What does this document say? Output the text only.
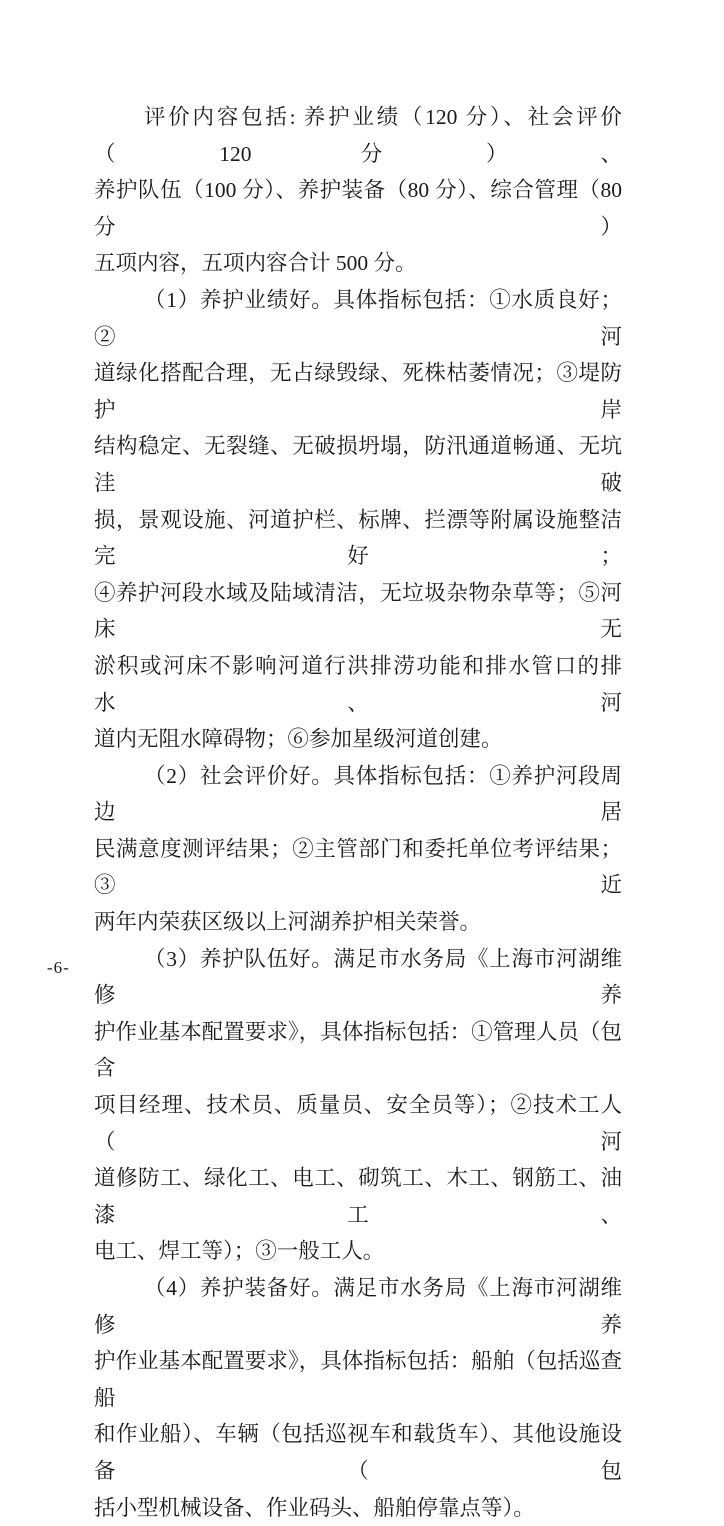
评价内容包括: 养护业绩（120 分）、社会评价（120 分）、
养护队伍（100 分）、养护装备（80 分）、综合管理（80 分）
五项内容，五项内容合计 500 分。
（1）养护业绩好。具体指标包括：①水质良好；②河
道绿化搭配合理，无占绿毁绿、死株枯萎情况；③堤防护岸
结构稳定、无裂缝、无破损坍塌，防汛通道畅通、无坑洼破
损，景观设施、河道护栏、标牌、拦漂等附属设施整洁完好；
④养护河段水域及陆域清洁，无垃圾杂物杂草等；⑤河床无
淤积或河床不影响河道行洪排涝功能和排水管口的排水、河
道内无阻水障碍物；⑥参加星级河道创建。
（2）社会评价好。具体指标包括：①养护河段周边居
民满意度测评结果；②主管部门和委托单位考评结果；③近
两年内荣获区级以上河湖养护相关荣誉。
（3）养护队伍好。满足市水务局《上海市河湖维修养
护作业基本配置要求》，具体指标包括：①管理人员（包含
项目经理、技术员、质量员、安全员等）；②技术工人（河
道修防工、绿化工、电工、砌筑工、木工、钢筋工、油漆工、
电工、焊工等）；③一般工人。
（4）养护装备好。满足市水务局《上海市河湖维修养
护作业基本配置要求》，具体指标包括：船舶（包括巡查船
和作业船）、车辆（包括巡视车和载货车）、其他设施设备（包
括小型机械设备、作业码头、船舶停靠点等）。
-6-
